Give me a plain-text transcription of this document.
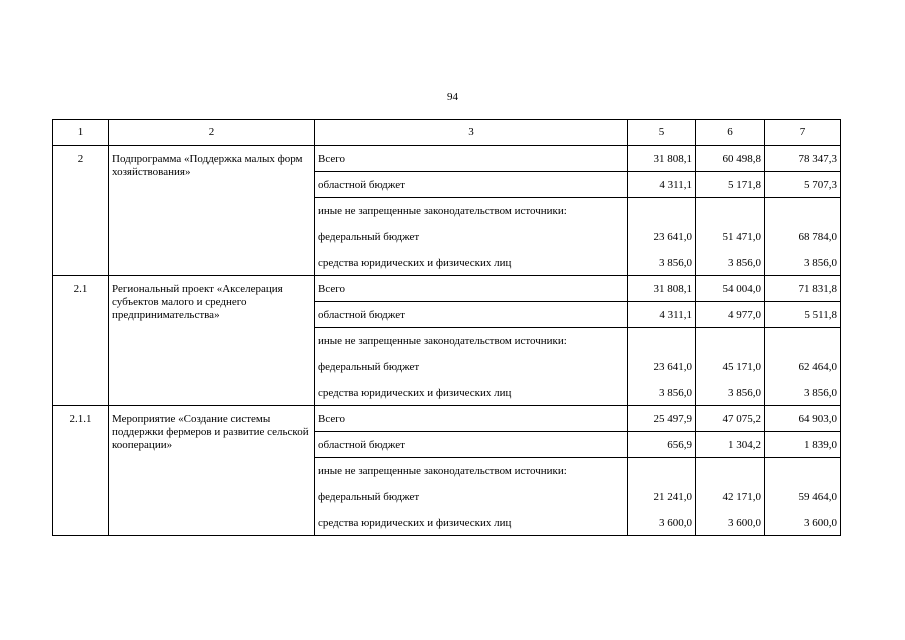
94
1	2	3	5	6	7
2	Подпрограмма «Поддержка малых форм хозяйствования»	Всего	31 808,1	60 498,8	78 347,3
		областной бюджет	4 311,1	5 171,8	5 707,3
		иные не запрещенные законодательством источники:			
		федеральный бюджет	23 641,0	51 471,0	68 784,0
		средства юридических и физических лиц	3 856,0	3 856,0	3 856,0
2.1	Региональный проект «Акселерация субъектов малого и среднего предпринимательства»	Всего	31 808,1	54 004,0	71 831,8
		областной бюджет	4 311,1	4 977,0	5 511,8
		иные не запрещенные законодательством источники:			
		федеральный бюджет	23 641,0	45 171,0	62 464,0
		средства юридических и физических лиц	3 856,0	3 856,0	3 856,0
2.1.1	Мероприятие «Создание системы поддержки фермеров и развитие сельской кооперации»	Всего	25 497,9	47 075,2	64 903,0
		областной бюджет	656,9	1 304,2	1 839,0
		иные не запрещенные законодательством источники:			
		федеральный бюджет	21 241,0	42 171,0	59 464,0
		средства юридических и физических лиц	3 600,0	3 600,0	3 600,0
